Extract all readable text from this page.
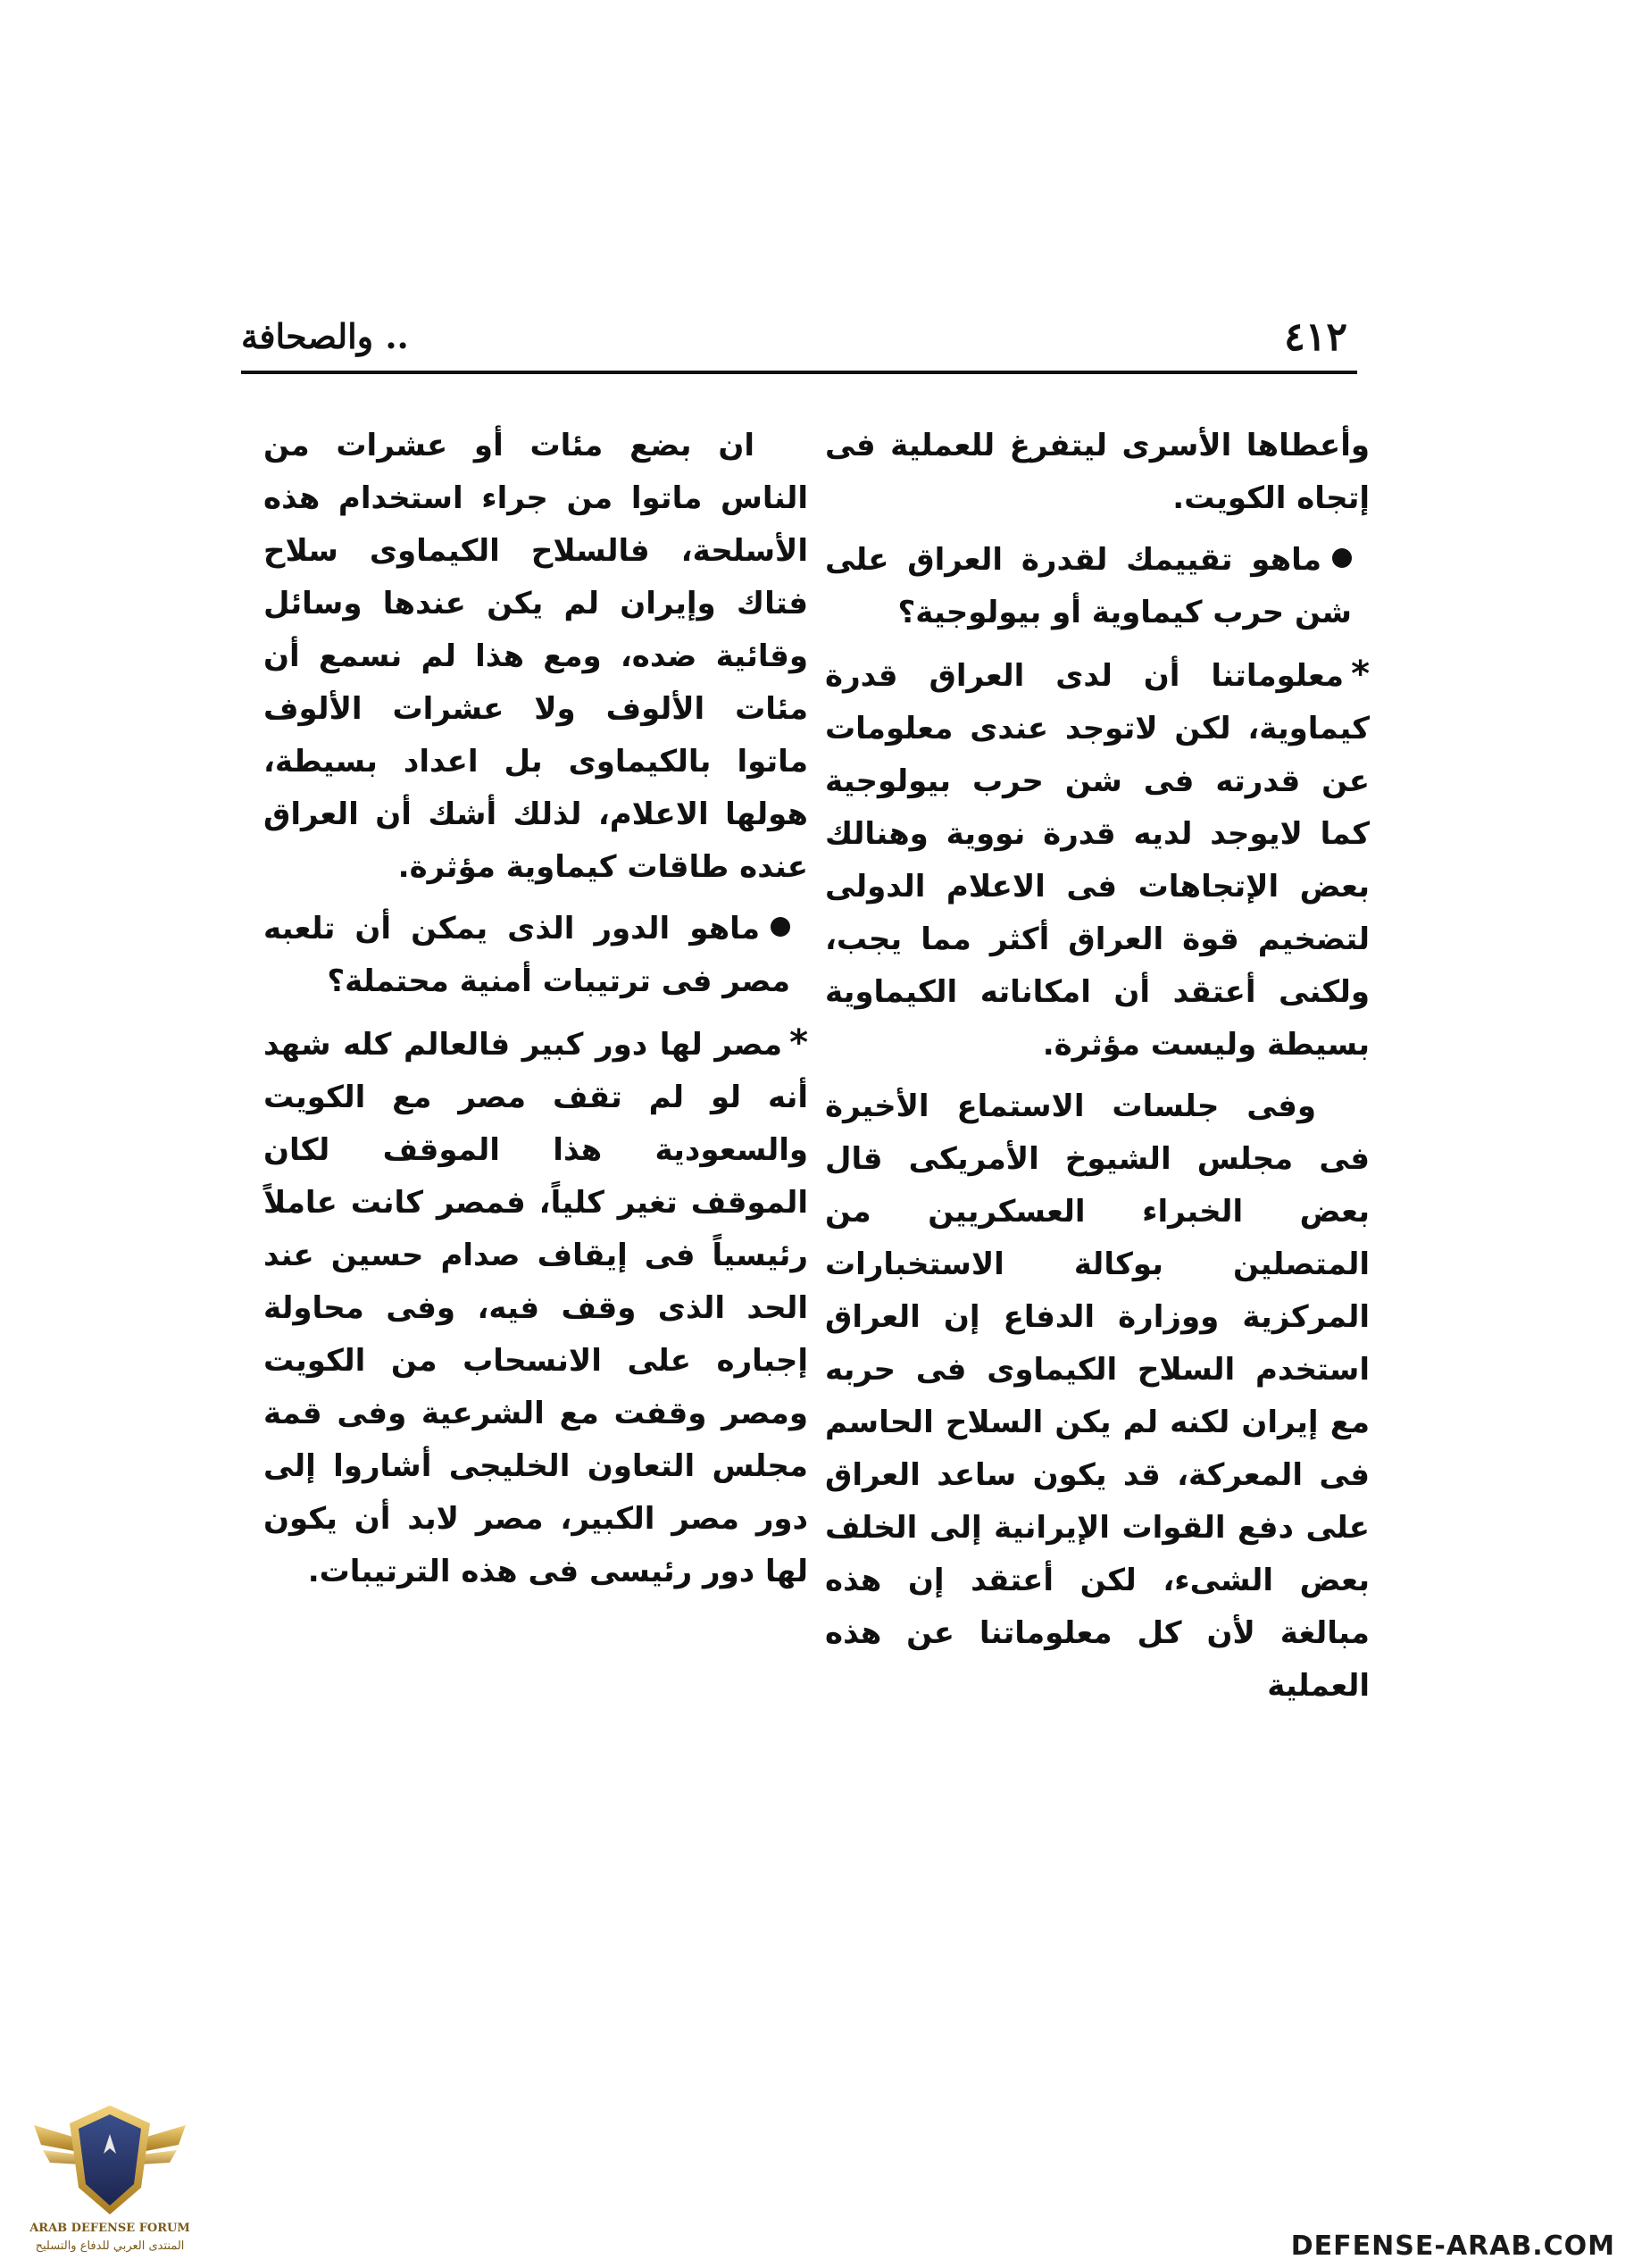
٤١٢
.. والصحافة

وأعطاها الأسرى ليتفرغ للعملية فى إتجاه الكويت.

ماهو تقييمك لقدرة العراق على شن حرب كيماوية أو بيولوجية؟

*معلوماتنا أن لدى العراق قدرة كيماوية، لكن لاتوجد عندى معلومات عن قدرته فى شن حرب بيولوجية كما لايوجد لديه قدرة نووية وهنالك بعض الإتجاهات فى الاعلام الدولى لتضخيم قوة العراق أكثر مما يجب، ولكنى أعتقد أن امكاناته الكيماوية بسيطة وليست مؤثرة.

وفى جلسات الاستماع الأخيرة فى مجلس الشيوخ الأمريكى قال بعض الخبراء العسكريين من المتصلين بوكالة الاستخبارات المركزية ووزارة الدفاع إن العراق استخدم السلاح الكيماوى فى حربه مع إيران لكنه لم يكن السلاح الحاسم فى المعركة، قد يكون ساعد العراق على دفع القوات الإيرانية إلى الخلف بعض الشىء، لكن أعتقد إن هذه مبالغة لأن كل معلوماتنا عن هذه العملية

ان بضع مئات أو عشرات من الناس ماتوا من جراء استخدام هذه الأسلحة، فالسلاح الكيماوى سلاح فتاك وإيران لم يكن عندها وسائل وقائية ضده، ومع هذا لم نسمع أن مئات الألوف ولا عشرات الألوف ماتوا بالكيماوى بل اعداد بسيطة، هولها الاعلام، لذلك أشك أن العراق عنده طاقات كيماوية مؤثرة.

ماهو الدور الذى يمكن أن تلعبه مصر فى ترتيبات أمنية محتملة؟

*مصر لها دور كبير فالعالم كله شهد أنه لو لم تقف مصر مع الكويت والسعودية هذا الموقف لكان الموقف تغير كلياً، فمصر كانت عاملاً رئيسياً فى إيقاف صدام حسين عند الحد الذى وقف فيه، وفى محاولة إجباره على الانسحاب من الكويت ومصر وقفت مع الشرعية وفى قمة مجلس التعاون الخليجى أشاروا إلى دور مصر الكبير، مصر لابد أن يكون لها دور رئيسى فى هذه الترتيبات.

ARAB DEFENSE FORUM
المنتدى العربي للدفاع والتسليح	DEFENSE-ARAB.COM
